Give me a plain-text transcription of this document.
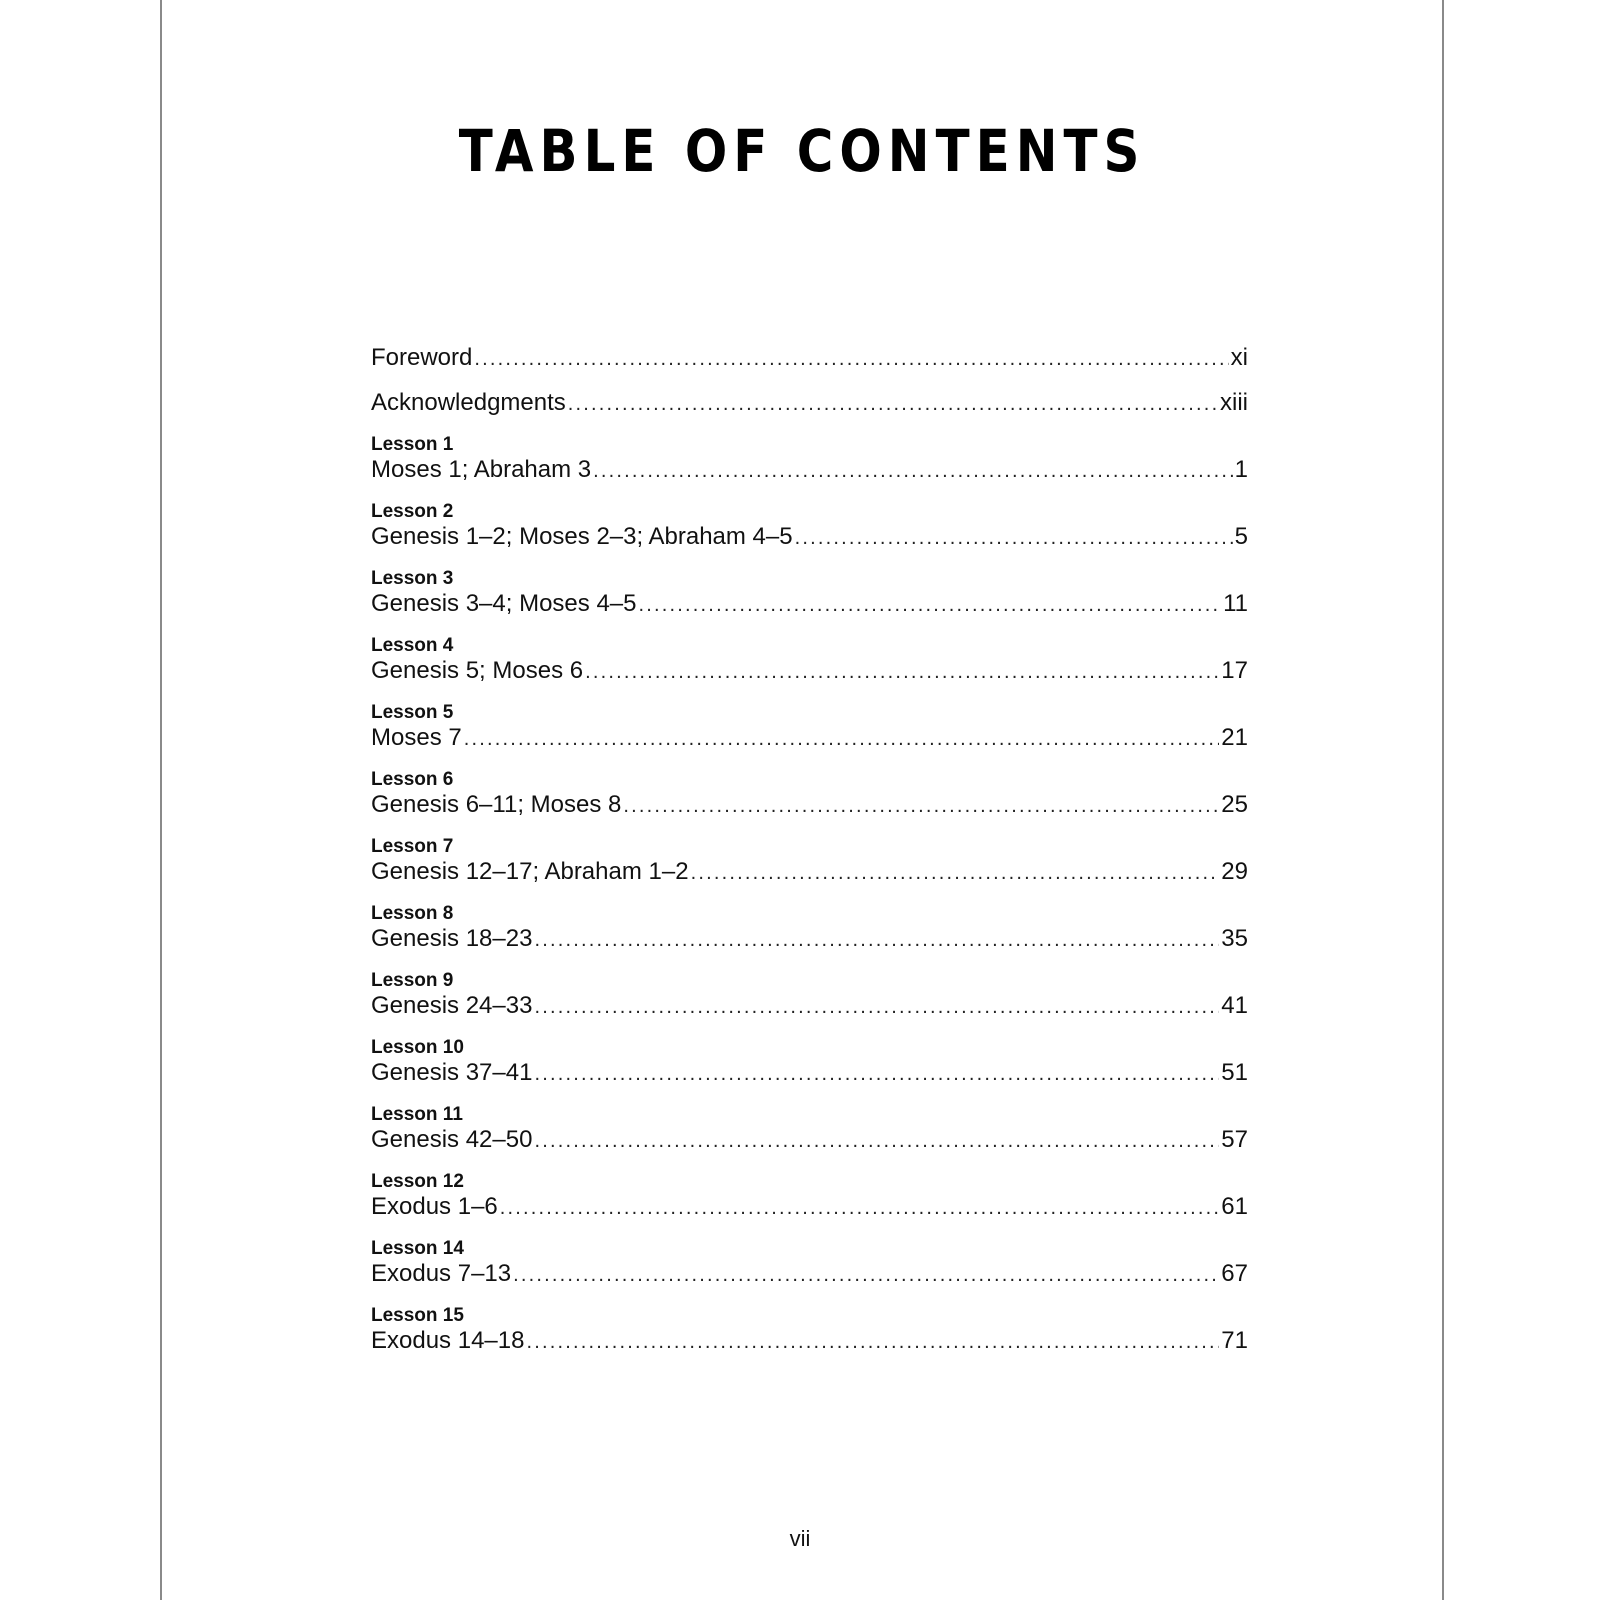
TABLE OF CONTENTS
Foreword .....	xi
Acknowledgments .....	xiii
Lesson 1
Moses 1; Abraham 3 .....	1
Lesson 2
Genesis 1–2; Moses 2–3; Abraham 4–5 .....	5
Lesson 3
Genesis 3–4; Moses 4–5 .....	11
Lesson 4
Genesis 5; Moses 6 .....	17
Lesson 5
Moses 7 .....	21
Lesson 6
Genesis 6–11; Moses 8 .....	25
Lesson 7
Genesis 12–17; Abraham 1–2 .....	29
Lesson 8
Genesis 18–23 .....	35
Lesson 9
Genesis 24–33 .....	41
Lesson 10
Genesis 37–41 .....	51
Lesson 11
Genesis 42–50 .....	57
Lesson 12
Exodus 1–6 .....	61
Lesson 14
Exodus 7–13 .....	67
Lesson 15
Exodus 14–18 .....	71
vii
